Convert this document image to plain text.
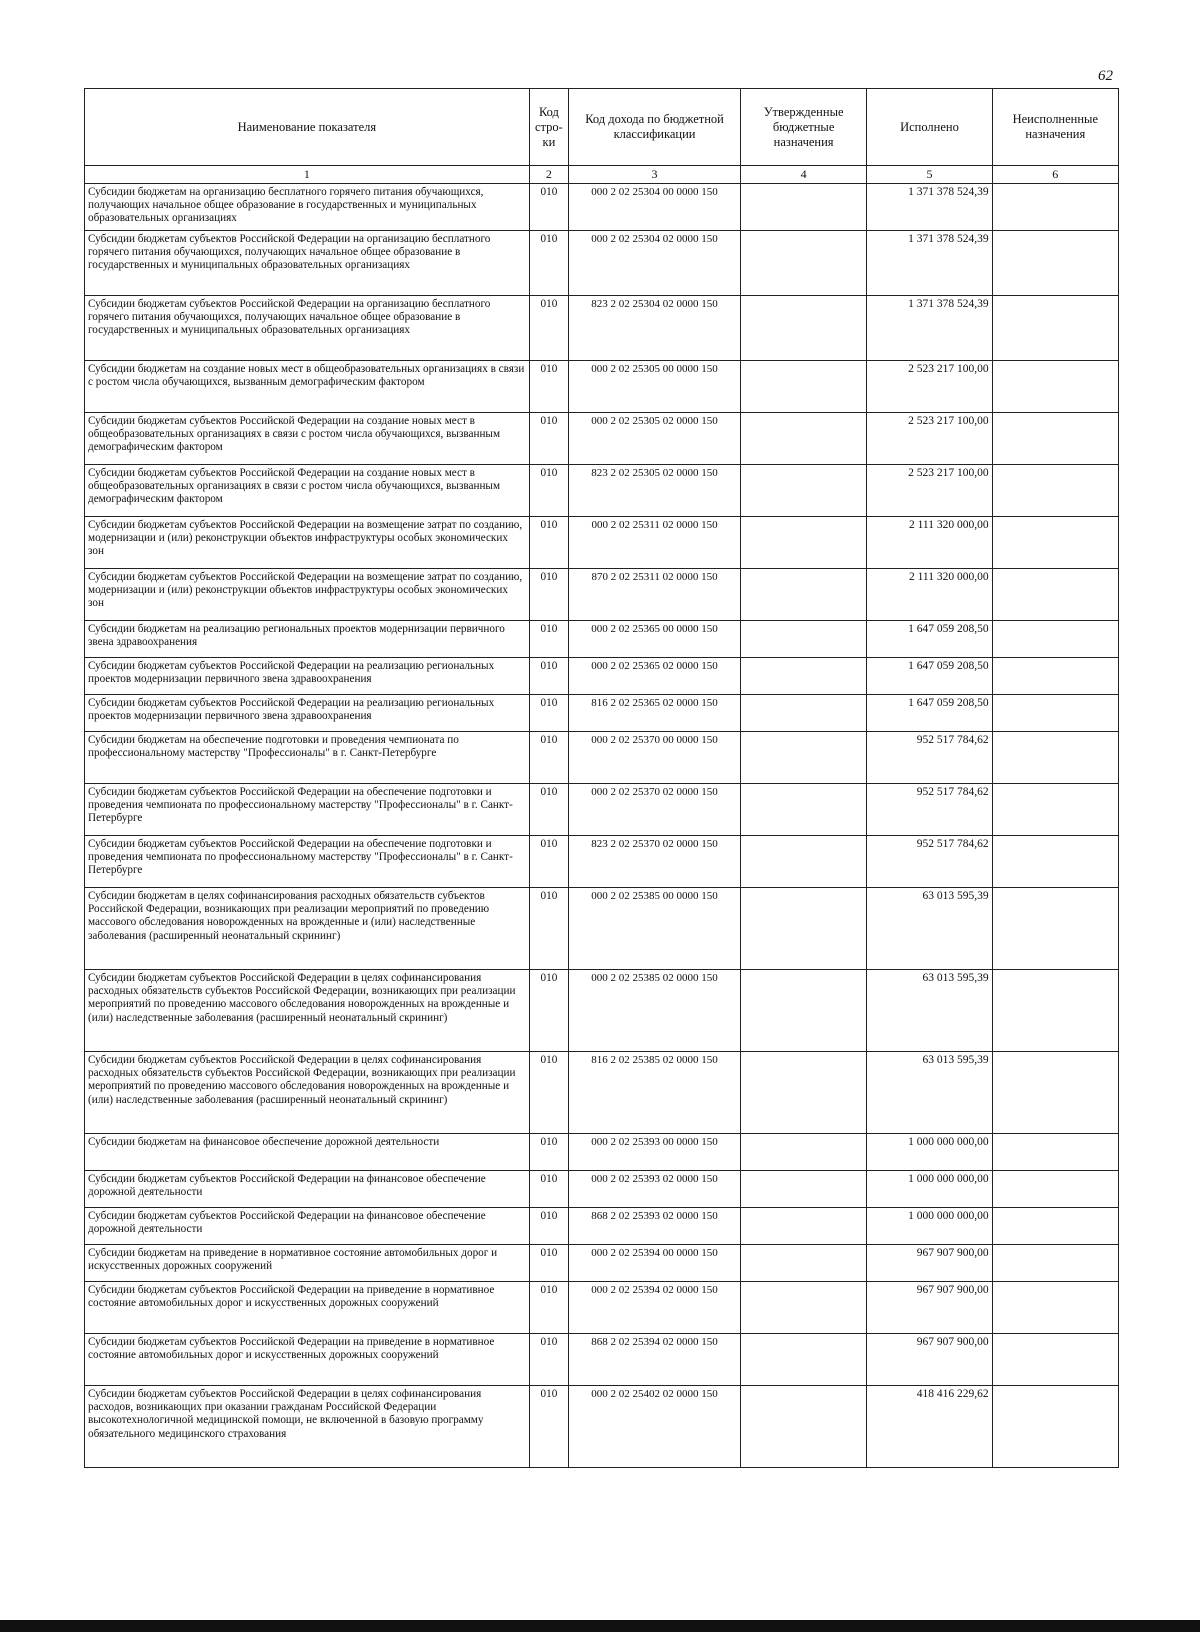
62
Наименование показателя	Код стро- ки	Код дохода по бюджетной классификации	Утвержденные бюджетные назначения	Исполнено	Неисполненные назначения
1	2	3	4	5	6
Субсидии бюджетам на организацию бесплатного горячего питания обучающихся, получающих начальное общее образование в государственных и муниципальных образовательных организациях	010	000 2 02 25304 00 0000 150		1 371 378 524,39	
Субсидии бюджетам субъектов Российской Федерации на организацию бесплатного горячего питания обучающихся, получающих начальное общее образование в государственных и муниципальных образовательных организациях	010	000 2 02 25304 02 0000 150		1 371 378 524,39	
Субсидии бюджетам субъектов Российской Федерации на организацию бесплатного горячего питания обучающихся, получающих начальное общее образование в государственных и муниципальных образовательных организациях	010	823 2 02 25304 02 0000 150		1 371 378 524,39	
Субсидии бюджетам на создание новых мест в общеобразовательных организациях в связи с ростом числа обучающихся, вызванным демографическим фактором	010	000 2 02 25305 00 0000 150		2 523 217 100,00	
Субсидии бюджетам субъектов Российской Федерации на создание новых мест в общеобразовательных организациях в связи с ростом числа обучающихся, вызванным демографическим фактором	010	000 2 02 25305 02 0000 150		2 523 217 100,00	
Субсидии бюджетам субъектов Российской Федерации на создание новых мест в общеобразовательных организациях в связи с ростом числа обучающихся, вызванным демографическим фактором	010	823 2 02 25305 02 0000 150		2 523 217 100,00	
Субсидии бюджетам субъектов Российской Федерации на возмещение затрат по созданию, модернизации и (или) реконструкции объектов инфраструктуры особых экономических зон	010	000 2 02 25311 02 0000 150		2 111 320 000,00	
Субсидии бюджетам субъектов Российской Федерации на возмещение затрат по созданию, модернизации и (или) реконструкции объектов инфраструктуры особых экономических зон	010	870 2 02 25311 02 0000 150		2 111 320 000,00	
Субсидии бюджетам на реализацию региональных проектов модернизации первичного звена здравоохранения	010	000 2 02 25365 00 0000 150		1 647 059 208,50	
Субсидии бюджетам субъектов Российской Федерации на реализацию региональных проектов модернизации первичного звена здравоохранения	010	000 2 02 25365 02 0000 150		1 647 059 208,50	
Субсидии бюджетам субъектов Российской Федерации на реализацию региональных проектов модернизации первичного звена здравоохранения	010	816 2 02 25365 02 0000 150		1 647 059 208,50	
Субсидии бюджетам на обеспечение подготовки и проведения чемпионата по профессиональному мастерству "Профессионалы" в г. Санкт-Петербурге	010	000 2 02 25370 00 0000 150		952 517 784,62	
Субсидии бюджетам субъектов Российской Федерации на обеспечение подготовки и проведения чемпионата по профессиональному мастерству "Профессионалы" в г. Санкт-Петербурге	010	000 2 02 25370 02 0000 150		952 517 784,62	
Субсидии бюджетам субъектов Российской Федерации на обеспечение подготовки и проведения чемпионата по профессиональному мастерству "Профессионалы" в г. Санкт-Петербурге	010	823 2 02 25370 02 0000 150		952 517 784,62	
Субсидии бюджетам в целях софинансирования расходных обязательств субъектов Российской Федерации, возникающих при реализации мероприятий по проведению массового обследования новорожденных на врожденные и (или) наследственные заболевания (расширенный неонатальный скрининг)	010	000 2 02 25385 00 0000 150		63 013 595,39	
Субсидии бюджетам субъектов Российской Федерации в целях софинансирования расходных обязательств субъектов Российской Федерации, возникающих при реализации мероприятий по проведению массового обследования новорожденных на врожденные и (или) наследственные заболевания (расширенный неонатальный скрининг)	010	000 2 02 25385 02 0000 150		63 013 595,39	
Субсидии бюджетам субъектов Российской Федерации в целях софинансирования расходных обязательств субъектов Российской Федерации, возникающих при реализации мероприятий по проведению массового обследования новорожденных на врожденные и (или) наследственные заболевания (расширенный неонатальный скрининг)	010	816 2 02 25385 02 0000 150		63 013 595,39	
Субсидии бюджетам на финансовое обеспечение дорожной деятельности	010	000 2 02 25393 00 0000 150		1 000 000 000,00	
Субсидии бюджетам субъектов Российской Федерации на финансовое обеспечение дорожной деятельности	010	000 2 02 25393 02 0000 150		1 000 000 000,00	
Субсидии бюджетам субъектов Российской Федерации на финансовое обеспечение дорожной деятельности	010	868 2 02 25393 02 0000 150		1 000 000 000,00	
Субсидии бюджетам на приведение в нормативное состояние автомобильных дорог и искусственных дорожных сооружений	010	000 2 02 25394 00 0000 150		967 907 900,00	
Субсидии бюджетам субъектов Российской Федерации на приведение в нормативное состояние автомобильных дорог и искусственных дорожных сооружений	010	000 2 02 25394 02 0000 150		967 907 900,00	
Субсидии бюджетам субъектов Российской Федерации на приведение в нормативное состояние автомобильных дорог и искусственных дорожных сооружений	010	868 2 02 25394 02 0000 150		967 907 900,00	
Субсидии бюджетам субъектов Российской Федерации в целях софинансирования расходов, возникающих при оказании гражданам Российской Федерации высокотехнологичной медицинской помощи, не включенной в базовую программу обязательного медицинского страхования	010	000 2 02 25402 02 0000 150		418 416 229,62	
